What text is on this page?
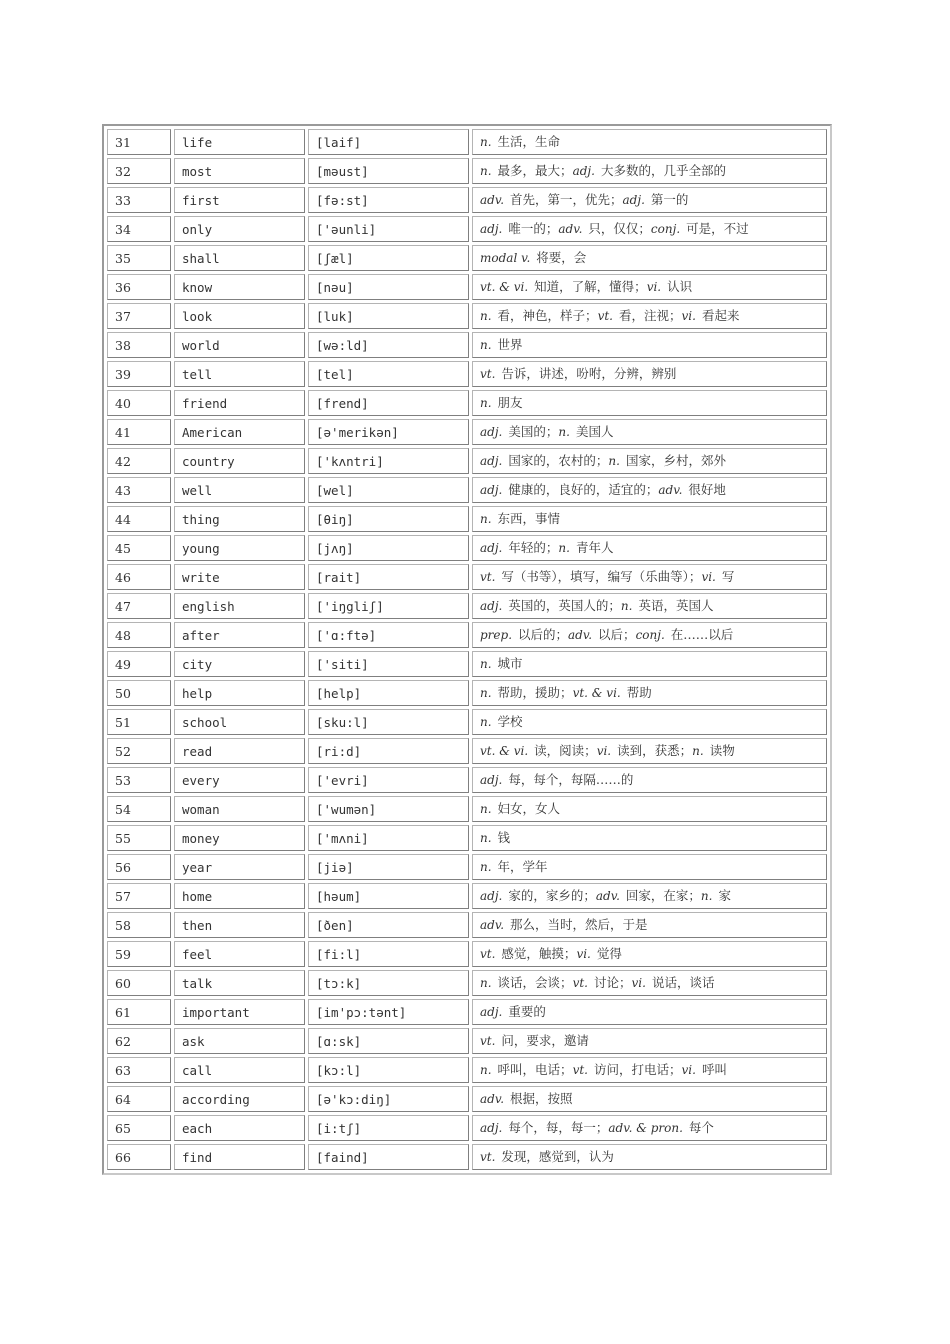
31	life	[laif]	n. 生活，生命
32	most	[məust]	n. 最多，最大；adj. 大多数的，几乎全部的
33	first	[fə:st]	adv. 首先，第一，优先；adj. 第一的
34	only	['əunli]	adj. 唯一的；adv. 只，仅仅；conj. 可是，不过
35	shall	[ʃæl]	modal v. 将要，会
36	know	[nəu]	vt. & vi. 知道，了解，懂得；vi. 认识
37	look	[luk]	n. 看，神色，样子；vt. 看，注视；vi. 看起来
38	world	[wə:ld]	n. 世界
39	tell	[tel]	vt. 告诉，讲述，吩咐，分辨，辨别
40	friend	[frend]	n. 朋友
41	American	[ə'merikən]	adj. 美国的；n. 美国人
42	country	['kʌntri]	adj. 国家的，农村的；n. 国家，乡村，郊外
43	well	[wel]	adj. 健康的，良好的，适宜的；adv. 很好地
44	thing	[θiŋ]	n. 东西，事情
45	young	[jʌŋ]	adj. 年轻的；n. 青年人
46	write	[rait]	vt. 写（书等），填写，编写（乐曲等）；vi. 写
47	english	['iŋgliʃ]	adj. 英国的，英国人的；n. 英语，英国人
48	after	['ɑ:ftə]	prep. 以后的；adv. 以后；conj. 在……以后
49	city	['siti]	n. 城市
50	help	[help]	n. 帮助，援助；vt. & vi. 帮助
51	school	[sku:l]	n. 学校
52	read	[ri:d]	vt. & vi. 读，阅读；vi. 读到，获悉；n. 读物
53	every	['evri]	adj. 每，每个，每隔……的
54	woman	['wumən]	n. 妇女，女人
55	money	['mʌni]	n. 钱
56	year	[jiə]	n. 年，学年
57	home	[həum]	adj. 家的，家乡的；adv. 回家，在家；n. 家
58	then	[ðen]	adv. 那么，当时，然后，于是
59	feel	[fi:l]	vt. 感觉，触摸；vi. 觉得
60	talk	[tɔ:k]	n. 谈话，会谈；vt. 讨论；vi. 说话，谈话
61	important	[im'pɔ:tənt]	adj. 重要的
62	ask	[ɑ:sk]	vt. 问，要求，邀请
63	call	[kɔ:l]	n. 呼叫，电话；vt. 访问，打电话；vi. 呼叫
64	according	[ə'kɔ:diŋ]	adv. 根据，按照
65	each	[i:tʃ]	adj. 每个，每，每一；adv. & pron. 每个
66	find	[faind]	vt. 发现，感觉到，认为
